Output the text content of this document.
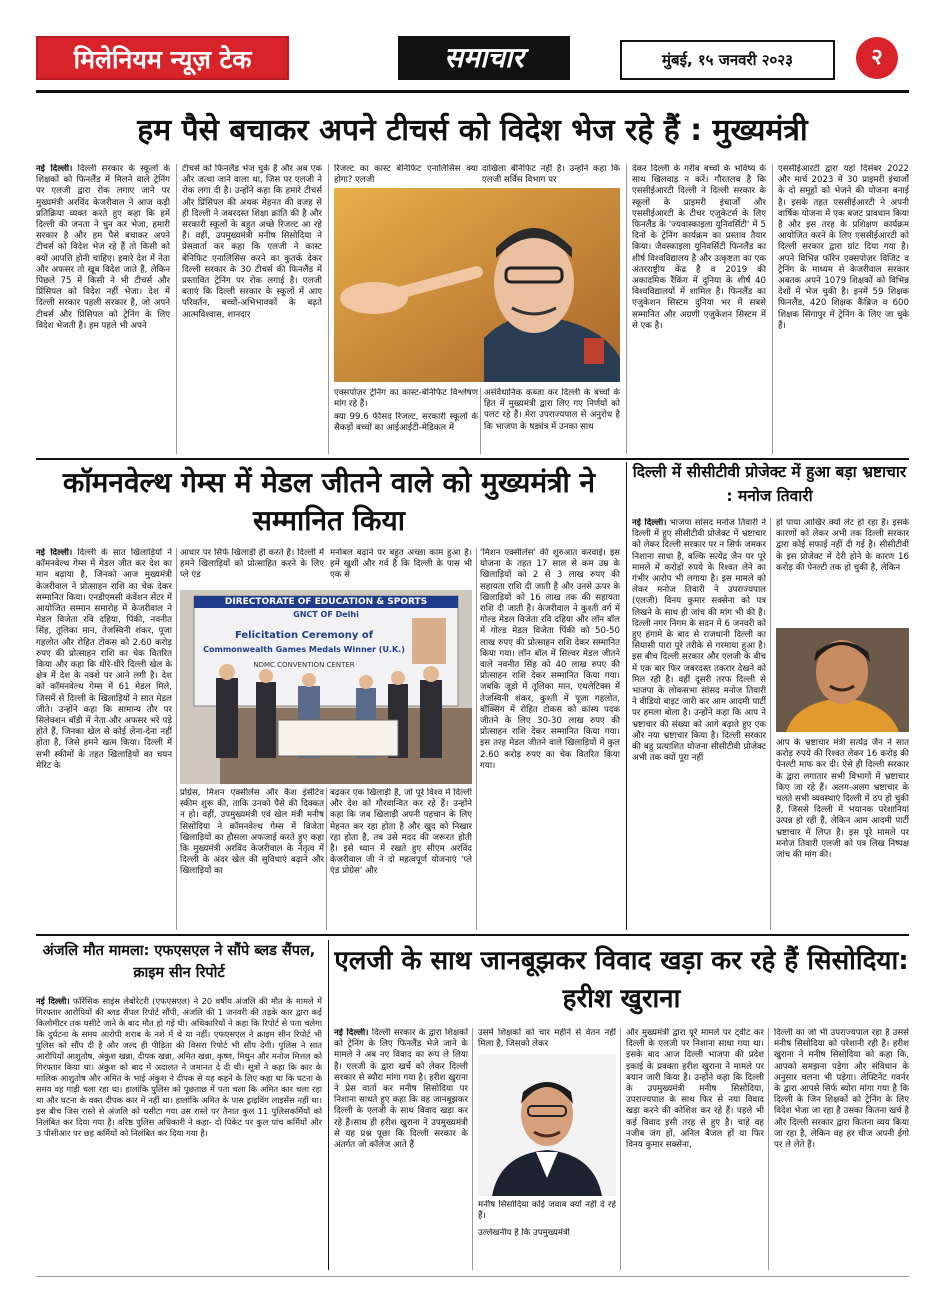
मिलेनियम न्यूज़ टेक	समाचार	मुंबई, १५ जनवरी २०२३	२
हम पैसे बचाकर अपने टीचर्स को विदेश भेज रहे हैं : मुख्यमंत्री
नई दिल्ली। दिल्ली सरकार के स्कूलों के शिक्षकों को फिनलैंड में मिलने वाले ट्रेनिंग पर एलजी द्वारा रोक लगाए जाने पर मुख्यमंत्री अरविंद केजरीवाल ने आज कड़ी प्रतिक्रिया व्यक्त करते हुए कहा कि हमें दिल्ली की जनता ने चुन कर भेजा, हमारी सरकार है और हम पैसे बचाकर अपने टीचर्स को विदेश भेज रहे हैं तो किसी को क्यों आपत्ति होनी चाहिए। हमारे देश में नेता और अफसर तो खूब विदेश जाते हैं, लेकिन पिछले 75 में किसी ने भी टीचर्स और प्रिंसिपल को विदेश नहीं भेजा। देश में दिल्ली सरकार पहली सरकार है, जो अपने टीचर्स और प्रिंसिपल को ट्रेनिंग के लिए विदेश भेजती है। हम पहले भी अपने
टीचर्स को फिनलैंड भेज चुके हैं और अब एक और जत्था जाने वाला था, जिस पर एलजी ने रोक लगा दी है। उन्होंने कहा कि हमारे टीचर्स और प्रिंसिपल की अथक मेहनत की वजह से ही दिल्ली ने जबरदस्त शिक्षा क्रांति की है और सरकारी स्कूलों के बहुत अच्छे रिजल्ट आ रहे हैं। वहीं, उपमुख्यमंत्री मनीष सिसोदिया ने प्रेसवार्ता कर कहा कि एलजी ने कास्ट बेनिफिट एनालिसिस करने का कुतर्क देकर दिल्ली सरकार के 30 टीचर्स की फिनलैंड में प्रस्तावित ट्रेनिंग पर रोक लगाई है। एलजी बताएं कि दिल्ली सरकार के स्कूलों में आए परिवर्तन, बच्चों-अभिभावकों के बढ़ते आत्मविश्वास, शानदार
रिजल्ट का कास्ट बेनिफिट एनालिसिस क्या होगा? एलजी
दाखिला बेनिफिट नहीं है। उन्होंने कहा कि एलजी सर्विस विभाग पर
एक्सपोज़र ट्रेनिंग का कास्ट-बेनिफिट विश्लेषण मांग रहे हैं।
क्या 99.6 फीसद रिजल्ट, सरकारी स्कूलों के सैकड़ों बच्चों का आईआईटी-मेडिकल में
असंवैधानिक कब्जा कर दिल्ली के बच्चों के हित में मुख्यमंत्री द्वारा लिए गए निर्णयों को पलट रहे हैं। मेरा उपराज्यपाल से अनुरोध है कि भाजपा के षड्यंत्र में उनका साथ
देकर दिल्ली के गरीब बच्चों के भविष्य के साथ खिलवाड़ न करें। गौरतलब है कि एससीईआरटी दिल्ली ने दिल्ली सरकार के स्कूलों के प्राइमरी इंचार्जों और एससीईआरटी के टीचर एजुकेटर्स के लिए फिनलैंड के 'ज्यवास्काइला यूनिवर्सिटी' में 5 दिनों के ट्रेनिंग कार्यक्रम का प्रस्ताव तैयार किया। जैवस्काइला यूनिवर्सिटी फिनलैंड का शीर्ष विश्वविद्यालय है और उत्कृष्टता का एक अंतरराष्ट्रीय केंद्र है व 2019 की अकादमिक रैंकिंग में दुनिया के शीर्ष 40 विश्वविद्यालयों में शामिल है। फिनलैंड का एजुकेशन सिस्टम दुनिया भर में सबसे सम्मानित और अग्रणी एजुकेशन सिस्टम में से एक है।
एससीईआरटी द्वारा यहां दिसंबर 2022 और मार्च 2023 में 30 प्राइमरी इंचार्जों के दो समूहों को भेजने की योजना बनाई है। इसके तहत एससीईआरटी ने अपनी वार्षिक योजना में एक बजट प्रावधान किया है और इस तरह के प्रशिक्षण कार्यक्रम आयोजित करने के लिए एससीईआरटी को दिल्ली सरकार द्वारा ग्रांट दिया गया है। अपने विभिन्न फॉरेन एक्सपोज़र विजिट व ट्रेनिंग के माध्यम से केजरीवाल सरकार अबतक अपने 1079 शिक्षकों को विभिन्न देशों में भेज चुकी है। इनमें 59 शिक्षक फिनलैंड, 420 शिक्षक कैंब्रिज व 600 शिक्षक सिंगापुर में ट्रेनिंग के लिए जा चुके हैं।
कॉमनवेल्थ गेम्स में मेडल जीतने वाले को मुख्यमंत्री ने सम्मानित किया
नई दिल्ली। दिल्ली के सात खिलाड़ियों ने कॉमनवेल्थ गेम्स में मेडल जीत कर देश का मान बढ़ाया है, जिनको आज मुख्यमंत्री केजरीवाल ने प्रोत्साहन राशि का चेक देकर सम्मानित किया। एनडीएमसी कंवेंशन सेंटर में आयोजित सम्मान समारोह में केजरीवाल ने मेडल विजेता रवि दहिया, पिंकी, नवनीत सिंह, तूलिका मान, तेजस्विनी शंकर, पूजा गहलोत और रोहित टोकस को 2.60 करोड़ रुपए की प्रोत्साहन राशि का चेक वितरित किया और कहा कि धीरे-धीरे दिल्ली खेल के क्षेत्र में देश के नक्शे पर आने लगी है। देश को कॉमनवेल्थ गेम्स में 61 मेडल मिले, जिसमें से दिल्ली के खिलाड़ियों ने सात मेडल जीते। उन्होंने कहा कि सामान्य तौर पर सिलेक्शन बॉडी में नेता और अफसर भरे पड़े होते हैं, जिनका खेल से कोई लेना-देना नहीं होता है, जिसे हमने खत्म किया। दिल्ली में सभी स्कीमों के तहत खिलाड़ियों का चयन मेरिट के
आधार पर सिर्फ खिलाड़ी ही करते हैं। दिल्ली में हमने खिलाड़ियों को प्रोत्साहित करने के लिए प्ले एंड
मनोबल बढ़ाने पर बहुत अच्छा काम हुआ है। हमें खुशी और गर्व है कि दिल्ली के पास भी एक से
DIRECTORATE OF EDUCATION & SPORTS
GNCT OF Delhi
Felicitation Ceremony of
Commonwealth Games Medals Winner (U.K.)
NDMC CONVENTION CENTER
प्रोग्रेस, मिशन एक्सीलेंस और कैश इंसेंटिव स्कीम शुरू की, ताकि उनको पैसे की दिक्कत न हो। वहीं, उपमुख्यमंत्री एवं खेल मंत्री मनीष सिसोदिया ने कॉमनवेल्थ गेम्स में विजेता खिलाड़ियों का हौसला अफजाई करते हुए कहा कि मुख्यमंत्री अरविंद केजरीवाल के नेतृत्व में दिल्ली के अंदर खेल की सुविधाएं बढ़ाने और खिलाड़ियों का
बढ़कर एक खिलाड़ी हैं, जो पूरे विश्व में दिल्ली और देश को गौरवान्वित कर रहे हैं। उन्होंने कहा कि जब खिलाड़ी अपनी पहचान के लिए मेहनत कर रहा होता है और खुद को निखार रहा होता है, तब उसे मदद की जरूरत होती है। इसे ध्यान में रखते हुए सीएम अरविंद केजरीवाल जी ने दो महत्वपूर्ण योजनाएं 'प्ले एंड प्रोग्रेस' और
'मिशन एक्सीलेंस' की शुरुआत करवाई। इस योजना के तहत 17 साल से कम उम्र के खिलाड़ियों को 2 से 3 लाख रुपए की सहायता राशि दी जाती है और उनसे ऊपर के खिलाड़ियों को 16 लाख तक की सहायता राशि दी जाती है। केजरीवाल ने कुश्ती वर्ग में गोल्ड मेडल विजेता रवि दहिया और लॉन बॉल में गोल्ड मेडल विजेता पिंकी को 50-50 लाख रुपए की प्रोत्साहन राशि देकर सम्मानित किया गया। लॉन बॉल में सिल्वर मेडल जीतने वाले नवनीत सिंह को 40 लाख रुपए की प्रोत्साहन राशि देकर सम्मानित किया गया। जबकि जूडो में तूलिका मान, एथलेटिक्स में तेजस्विनी शंकर, कुश्ती में पूजा गहलोत, बॉक्सिंग में रोहित टोकस को कांस्य पदक जीतने के लिए 30-30 लाख रुपए की प्रोत्साहन राशि देकर सम्मानित किया गया। इस तरह मेडल जीतने वाले खिलाड़ियों में कुल 2.60 करोड़ रुपए का चेक वितरित किया गया।
दिल्ली में सीसीटीवी प्रोजेक्ट में हुआ बड़ा भ्रष्टाचार : मनोज तिवारी
नई दिल्ली। भाजपा सांसद मनोज तिवारी ने दिल्ली में हुए सीसीटीवी प्रोजेक्ट में भ्रष्टाचार को लेकर दिल्ली सरकार पर न सिर्फ जमकर निशाना साधा है, बल्कि सत्येंद्र जैन पर पूरे मामले में करोड़ों रुपये के रिश्वत लेने का गंभीर आरोप भी लगाया है। इस मामले को लेकर मनोज तिवारी ने उपराज्यपाल (एलजी) विनय कुमार सक्सेना को पत्र लिखने के साथ ही जांच की मांग भी की है। दिल्ली नगर निगम के सदन में 6 जनवरी को हुए हंगामे के बाद से राजधानी दिल्ली का सियासी पारा पूरे तरीके से गरमाया हुआ है। इस बीच दिल्ली सरकार और एलजी के बीच में एक बार फिर जबरदस्त तकरार देखने को मिल रही है। वहीं दूसरी तरफ दिल्ली से भाजपा के लोकसभा सांसद मनोज तिवारी ने वीडियो बाइट जारी कर आम आदमी पार्टी पर हमला बोला है। उन्होंने कहा कि आप ने भ्रष्टाचार की संख्या को आगे बढ़ाते हुए एक और नया भ्रष्टाचार किया है। दिल्ली सरकार की बहु प्रत्याशित योजना सीसीटीवी प्रोजेक्ट अभी तक क्यों पूरा नहीं
हो पाया आखिर क्यों लेट हो रहा है। इसके कारणों को लेकर अभी तक दिल्ली सरकार द्वारा कोई सफाई नहीं दी गई है। सीसीटीवी के इस प्रोजेक्ट में देरी होने के कारण 16 करोड़ की पेनल्टी तक हो चुकी है, लेकिन
आप के भ्रष्टाचार मंत्री सत्येंद्र जैन ने सात करोड़ रुपये की रिश्वत लेकर 16 करोड़ की पेनल्टी माफ कर दी। ऐसे ही दिल्ली सरकार के द्वारा लगातार सभी विभागों में भ्रष्टाचार किए जा रहे हैं। अलग-अलग भ्रष्टाचार के चलते सभी व्यवस्थाएं दिल्ली में ठप हो चुकी हैं, जिससे दिल्ली में भयानक परेशानियां उत्पन्न हो रही हैं, लेकिन आम आदमी पार्टी भ्रष्टाचार में लिप्त है। इस पूरे मामले पर मनोज तिवारी एलजी को पत्र लिख निष्पक्ष जांच की मांग की।
अंजलि मौत मामला: एफएसएल ने सौंपे ब्लड सैंपल, क्राइम सीन रिपोर्ट
नई दिल्ली। फॉरेंसिक साइंस लेबोरेटरी (एफएसएल) ने 20 वर्षीय अंजलि की मौत के मामले में गिरफ्तार आरोपियों की ब्लड सैंपल रिपोर्ट सौंपी, अंजलि की 1 जनवरी की तड़के कार द्वारा कई किलोमीटर तक घसीटे जाने के बाद मौत हो गई थी। अधिकारियों ने कहा कि रिपोर्ट से पता चलेगा कि दुर्घटना के समय आरोपी शराब के नशे में थे या नहीं। एफएसएल ने क्राइम सीन रिपोर्ट भी पुलिस को सौंप दी है और जल्द ही पीड़िता की विसरा रिपोर्ट भी सौंप देगी। पुलिस ने सात आरोपियों आशुतोष, अंकुश खन्ना, दीपक खन्ना, अमित खन्ना, कृष्ण, मिथुन और मनोज मित्तल को गिरफ्तार किया था। अंकुश को बाद में अदालत ने जमानत दे दी थी। सूत्रों ने कहा कि कार के मालिक आशुतोष और अमित के भाई अंकुश ने दीपक से यह कहने के लिए कहा था कि घटना के समय वह गाड़ी चला रहा था। हालांकि पुलिस को पूछताछ में पता चला कि अमित कार चला रहा था और घटना के वक्त दीपक कार में नहीं था। हालांकि अमित के पास ड्राइविंग लाइसेंस नहीं था। इस बीच जिस रास्ते से अंजलि को घसीटा गया उस रास्ते पर तैनात कुल 11 पुलिसकर्मियों को निलंबित कर दिया गया है। वरिष्ठ पुलिस अधिकारी ने कहा- दो पिकेट पर कुल पांच कर्मियों और 3 पीसीआर पर छह कर्मियों को निलंबित कर दिया गया है।
एलजी के साथ जानबूझकर विवाद खड़ा कर रहे हैं सिसोदिया: हरीश खुराना
नई दिल्ली। दिल्ली सरकार के द्वारा शिक्षकों को ट्रेनिंग के लिए फिनलैंड भेजे जाने के मामले ने अब नए विवाद का रूप ले लिया है। एलजी के द्वारा खर्चे को लेकर दिल्ली सरकार से ब्यौरा मांगा गया है। हरीश खुराना ने प्रेस वार्ता कर मनीष सिसोदिया पर निशाना साधते हुए कहा कि वह जानबूझकर दिल्ली के एलजी के साथ विवाद खड़ा कर रहे हैं।साथ ही हरीश खुराना ने उपमुख्यमंत्री से यह प्रश्न पूछा कि दिल्ली सरकार के अंतर्गत जो कॉलेज आते हैं
उसमें शिक्षकों को चार महीने से वेतन नहीं मिला है, जिसको लेकर
मनीष सिसोदिया कोई जवाब क्यों नहीं दे रहे हैं।
उल्लेखनीय है कि उपमुख्यमंत्री
और मुख्यमंत्री द्वारा पूरे मामले पर ट्वीट कर दिल्ली के एलजी पर निशाना साधा गया था। इसके बाद आज दिल्ली भाजपा की प्रदेश इकाई के प्रवक्ता हरीश खुराना ने मामले पर बयान जारी किया है। उन्होंने कहा कि दिल्ली के उपमुख्यमंत्री मनीष सिसोदिया, उपराज्यपाल के साथ फिर से नया विवाद खड़ा करने की कोशिश कर रहे हैं। पहले भी कई विवाद इसी तरह से हुए है। चाहे वह नजीब जंग हों, अनिल बैजल हों या फिर विनय कुमार सक्सेना,
दिल्ली का जो भी उपराज्यपाल रहा है उससे मनीष सिसोदिया को परेशानी रही है। हरीश खुराना ने मनीष सिसोदिया को कहा कि, आपको समझना पड़ेगा और संविधान के अनुसार चलना भी पड़ेगा। लेफ्टिनेंट गवर्नर के द्वारा आपसे सिर्फ ब्योरा मांगा गया है कि दिल्ली के जिन शिक्षकों को ट्रेनिंग के लिए विदेश भेजा जा रहा है उसका कितना खर्च है और दिल्ली सरकार द्वारा कितना व्यय किया जा रहा है, लेकिन वह हर चीज अपनी ईगो पर ले लेते हैं।
